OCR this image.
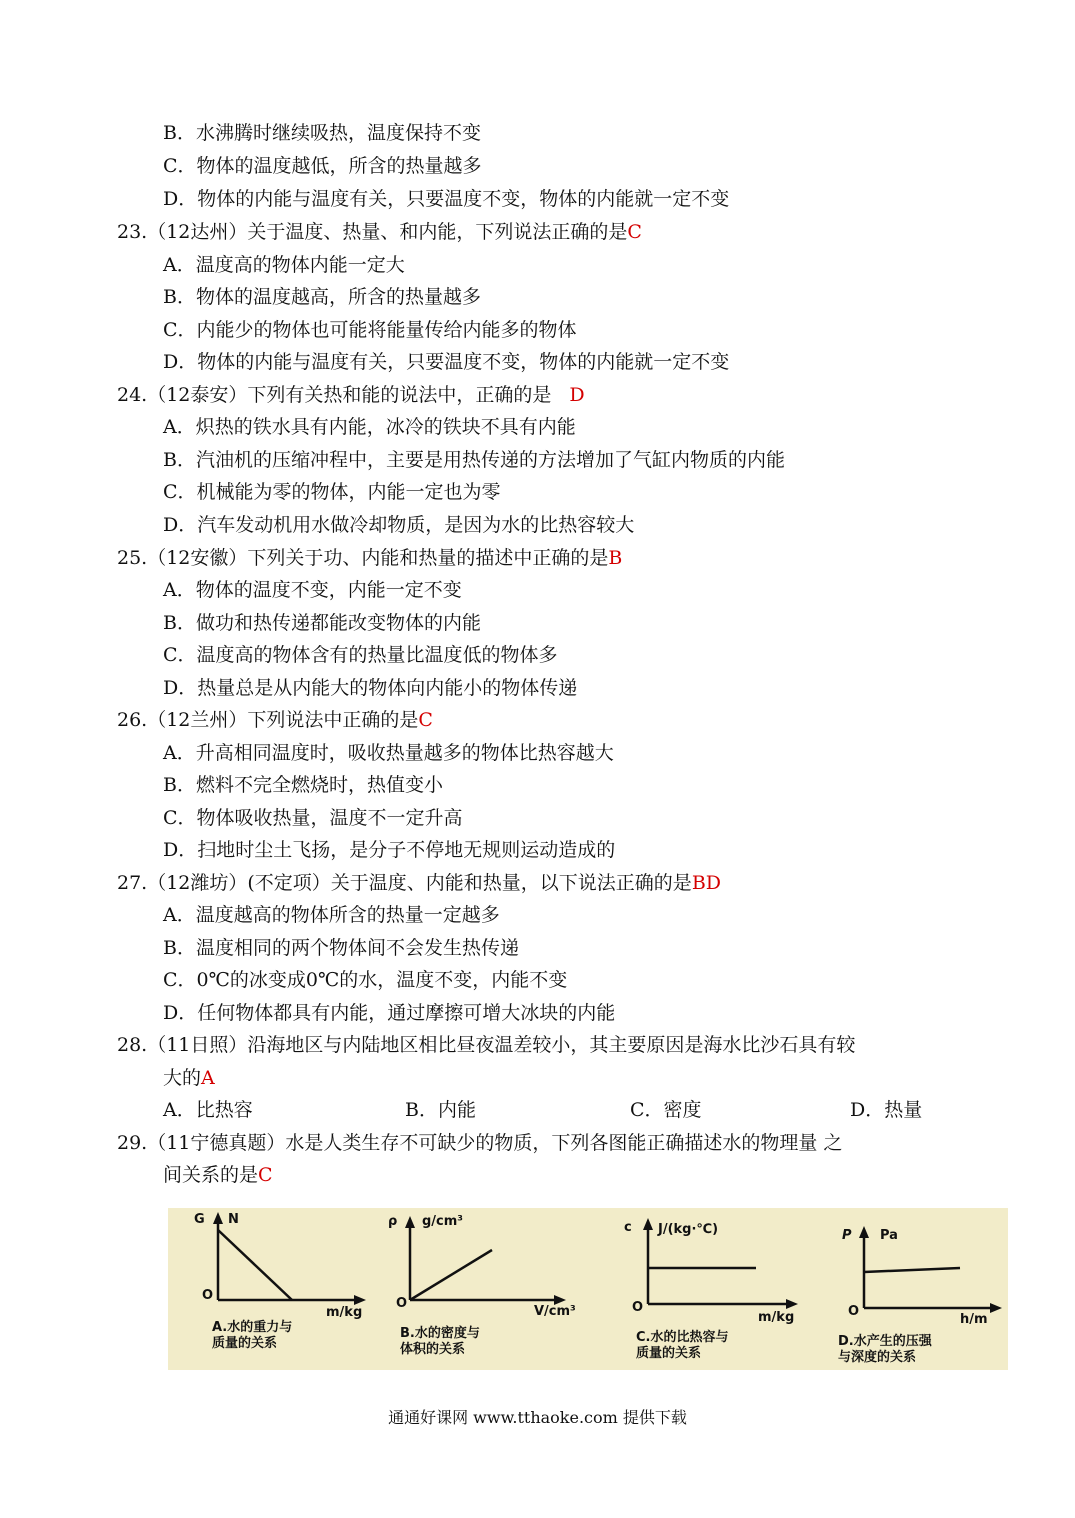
B．水沸腾时继续吸热，温度保持不变
C．物体的温度越低，所含的热量越多
D．物体的内能与温度有关，只要温度不变，物体的内能就一定不变
23.（12达州）关于温度、热量、和内能，下列说法正确的是C
A．温度高的物体内能一定大
B．物体的温度越高，所含的热量越多
C．内能少的物体也可能将能量传给内能多的物体
D．物体的内能与温度有关，只要温度不变，物体的内能就一定不变
24.（12泰安）下列有关热和能的说法中，正确的是 D
A．炽热的铁水具有内能，冰冷的铁块不具有内能
B．汽油机的压缩冲程中，主要是用热传递的方法增加了气缸内物质的内能
C．机械能为零的物体，内能一定也为零
D．汽车发动机用水做冷却物质，是因为水的比热容较大
25.（12安徽）下列关于功、内能和热量的描述中正确的是B
A．物体的温度不变，内能一定不变
B．做功和热传递都能改变物体的内能
C．温度高的物体含有的热量比温度低的物体多
D．热量总是从内能大的物体向内能小的物体传递
26.（12兰州）下列说法中正确的是C
A．升高相同温度时，吸收热量越多的物体比热容越大
B．燃料不完全燃烧时，热值变小
C．物体吸收热量，温度不一定升高
D．扫地时尘土飞扬，是分子不停地无规则运动造成的
27.（12潍坊）(不定项）关于温度、内能和热量，以下说法正确的是BD
A．温度越高的物体所含的热量一定越多
B．温度相同的两个物体间不会发生热传递
C．0℃的冰变成0℃的水，温度不变，内能不变
D．任何物体都具有内能，通过摩擦可增大冰块的内能
28.（11日照）沿海地区与内陆地区相比昼夜温差较小，其主要原因是海水比沙石具有较
大的A
A．比热容	B．内能	C．密度	D．热量
29.（11宁德真题）水是人类生存不可缺少的物质，下列各图能正确描述水的物理量 之
间关系的是C
G N
O
m/kg
A.水的重力与
质量的关系
ρ g/cm³
O
V/cm³
B.水的密度与
体积的关系
c J/(kg·℃)
O
m/kg
C.水的比热容与
质量的关系
P Pa
O
h/m
D.水产生的压强
与深度的关系
通通好课网 www.tthaoke.com 提供下载
